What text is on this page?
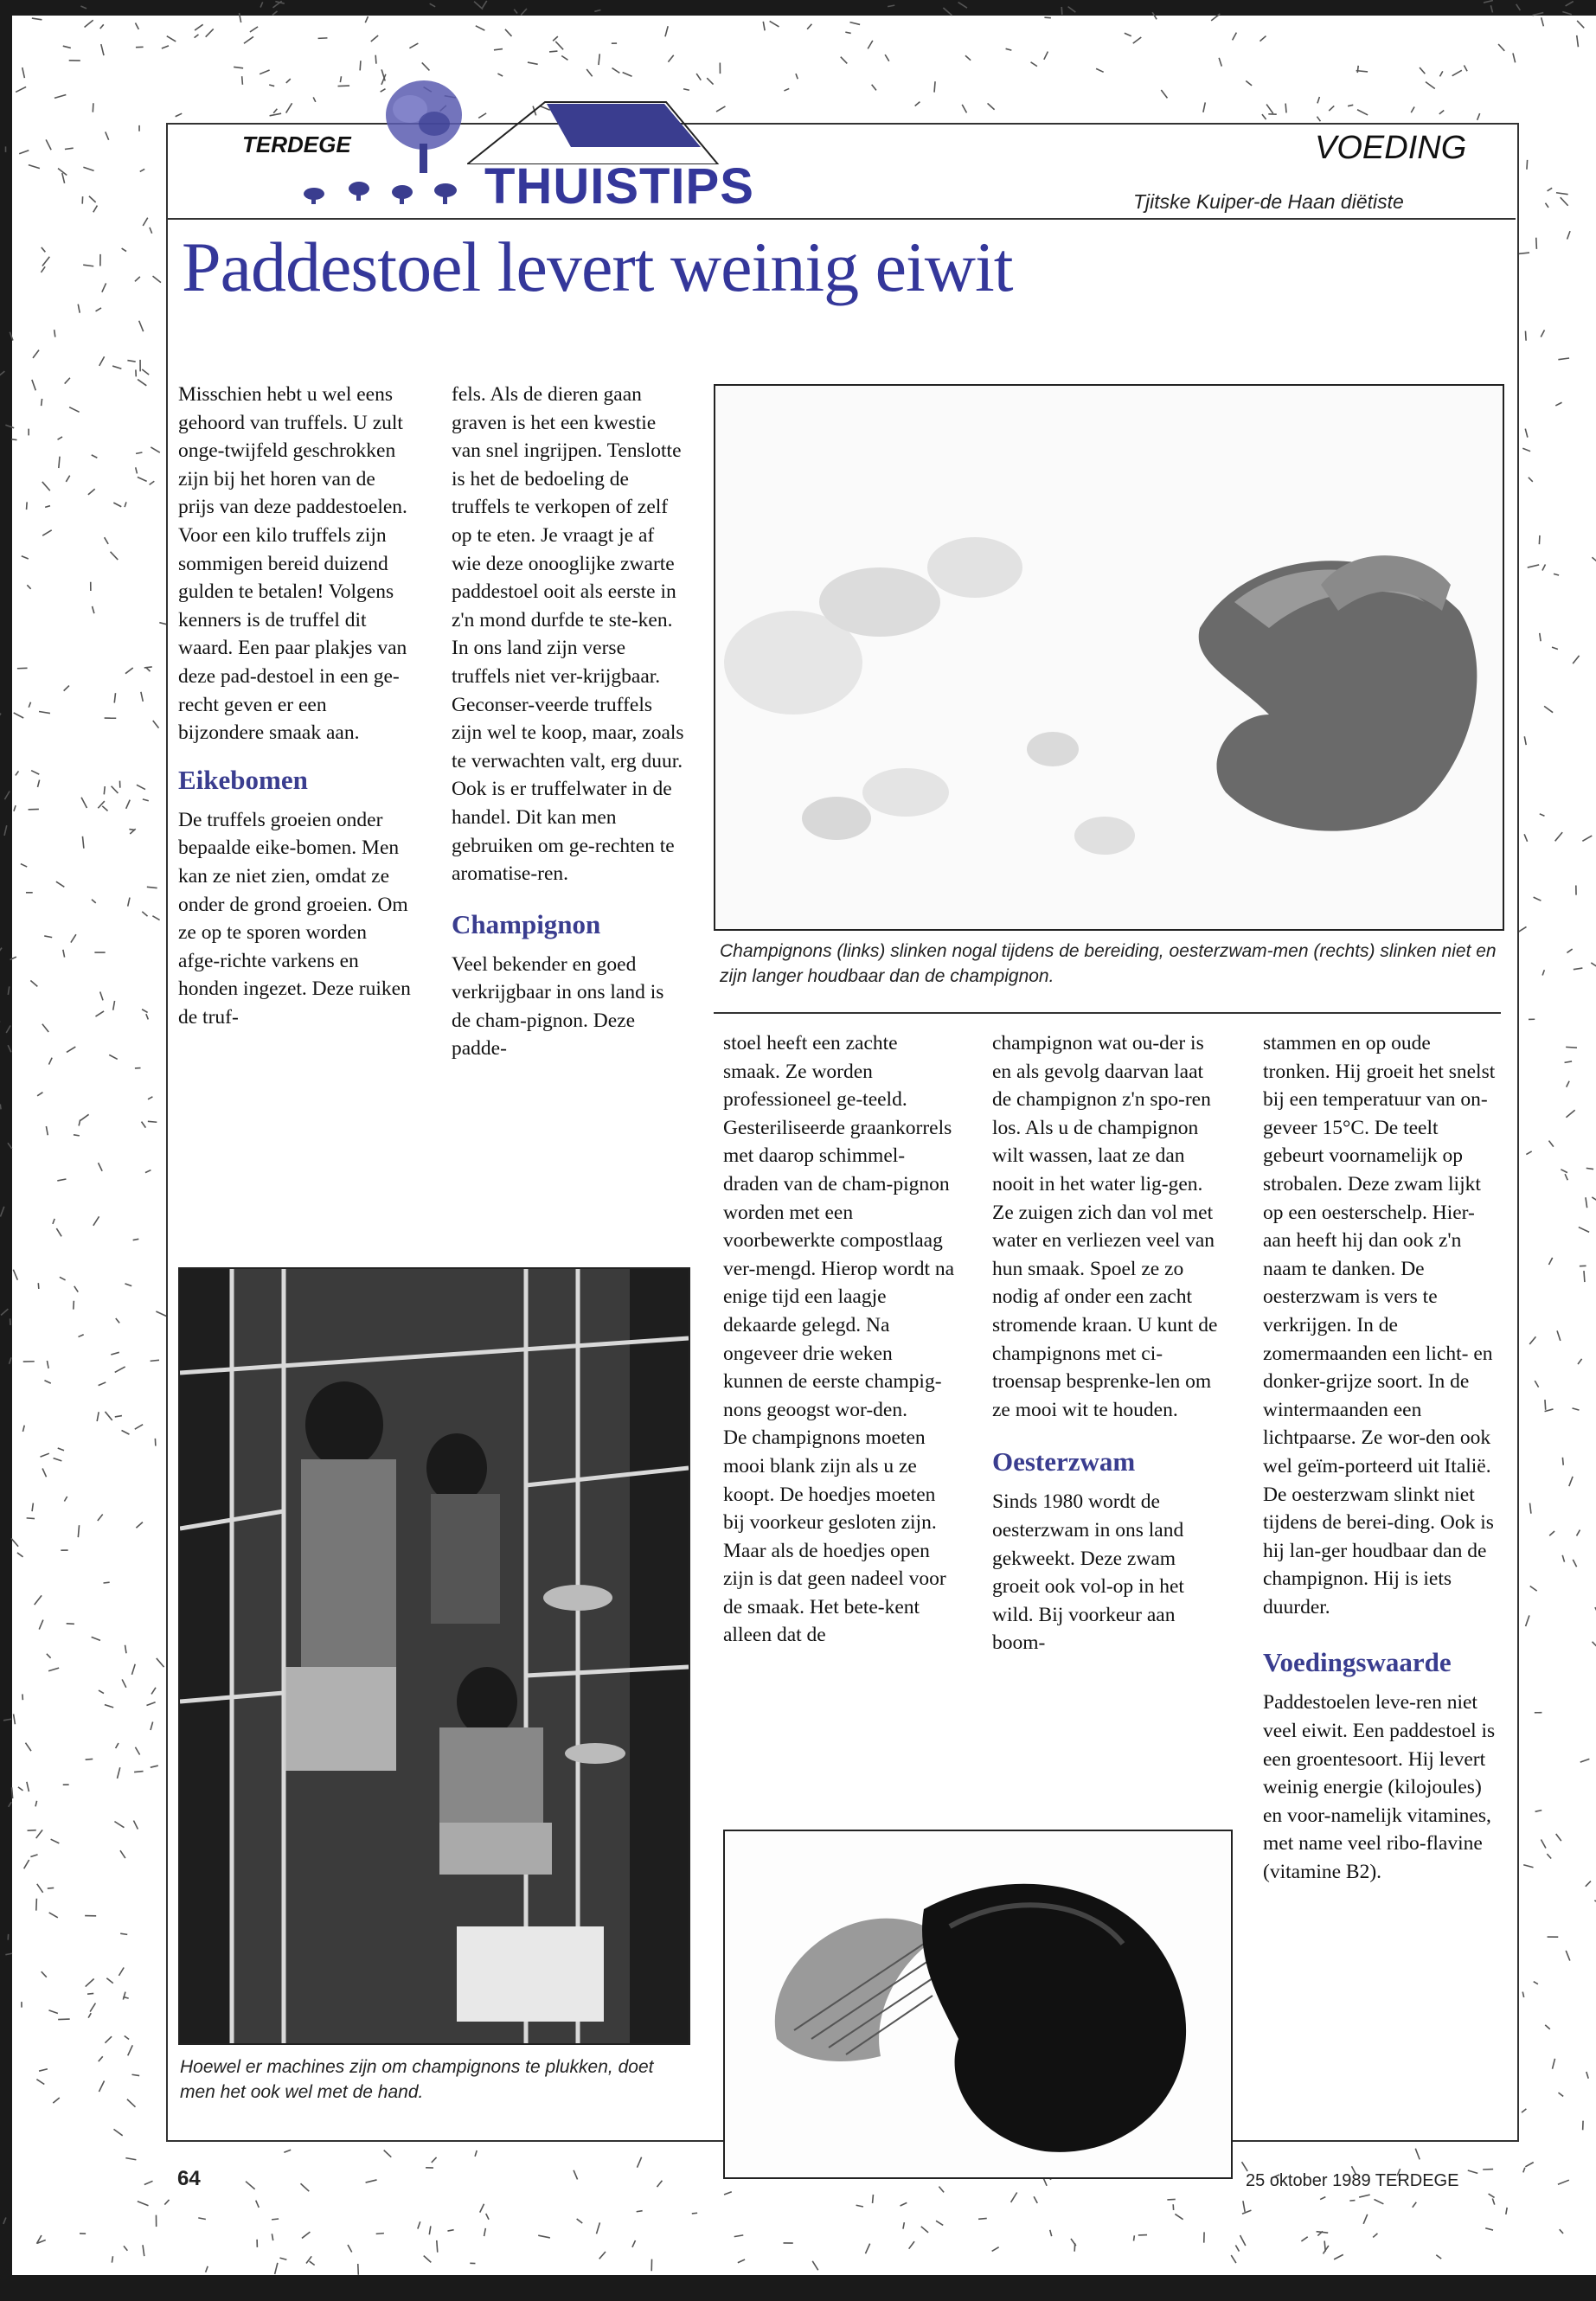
TERDEGE
THUISTIPS
VOEDING
Tjitske Kuiper-de Haan diëtiste
Paddestoel levert weinig eiwit

Misschien hebt u wel eens gehoord van truffels. U zult onge-twijfeld geschrokken zijn bij het horen van de prijs van deze paddestoelen. Voor een kilo truffels zijn sommigen bereid duizend gulden te betalen! Volgens kenners is de truffel dit waard. Een paar plakjes van deze pad-destoel in een ge-recht geven er een bijzondere smaak aan.

Eikebomen

De truffels groeien onder bepaalde eike-bomen. Men kan ze niet zien, omdat ze onder de grond groeien. Om ze op te sporen worden afge-richte varkens en honden ingezet. Deze ruiken de truf-

fels. Als de dieren gaan graven is het een kwestie van snel ingrijpen. Tenslotte is het de bedoeling de truffels te verkopen of zelf op te eten. Je vraagt je af wie deze onooglijke zwarte paddestoel ooit als eerste in z'n mond durfde te ste-ken. In ons land zijn verse truffels niet ver-krijgbaar. Geconser-veerde truffels zijn wel te koop, maar, zoals te verwachten valt, erg duur. Ook is er truffelwater in de handel. Dit kan men gebruiken om ge-rechten te aromatise-ren.

Champignon

Veel bekender en goed verkrijgbaar in ons land is de cham-pignon. Deze padde-

Champignons (links) slinken nogal tijdens de bereiding, oesterzwam-men (rechts) slinken niet en zijn langer houdbaar dan de champignon.
Hoewel er machines zijn om champignons te plukken, doet men het ook wel met de hand.

stoel heeft een zachte smaak. Ze worden professioneel ge-teeld. Gesteriliseerde graankorrels met daarop schimmel-draden van de cham-pignon worden met een voorbewerkte compostlaag ver-mengd. Hierop wordt na enige tijd een laagje dekaarde gelegd. Na ongeveer drie weken kunnen de eerste champig-nons geoogst wor-den.

De champignons moeten mooi blank zijn als u ze koopt. De hoedjes moeten bij voorkeur gesloten zijn. Maar als de hoedjes open zijn is dat geen nadeel voor de smaak. Het bete-kent alleen dat de

champignon wat ou-der is en als gevolg daarvan laat de champignon z'n spo-ren los. Als u de champignon wilt wassen, laat ze dan nooit in het water lig-gen. Ze zuigen zich dan vol met water en verliezen veel van hun smaak. Spoel ze zo nodig af onder een zacht stromende kraan. U kunt de champignons met ci-troensap besprenke-len om ze mooi wit te houden.

Oesterzwam

Sinds 1980 wordt de oesterzwam in ons land gekweekt. Deze zwam groeit ook vol-op in het wild. Bij voorkeur aan boom-

stammen en op oude tronken. Hij groeit het snelst bij een temperatuur van on-geveer 15°C. De teelt gebeurt voornamelijk op strobalen. Deze zwam lijkt op een oesterschelp. Hier-aan heeft hij dan ook z'n naam te danken. De oesterzwam is vers te verkrijgen. In de zomermaanden een licht- en donker-grijze soort. In de wintermaanden een lichtpaarse. Ze wor-den ook wel geïm-porteerd uit Italië. De oesterzwam slinkt niet tijdens de berei-ding. Ook is hij lan-ger houdbaar dan de champignon. Hij is iets duurder.

Voedingswaarde

Paddestoelen leve-ren niet veel eiwit. Een paddestoel is een groentesoort. Hij levert weinig energie (kilojoules) en voor-namelijk vitamines, met name veel ribo-flavine (vitamine B2).

64	25 oktober 1989 TERDEGE
